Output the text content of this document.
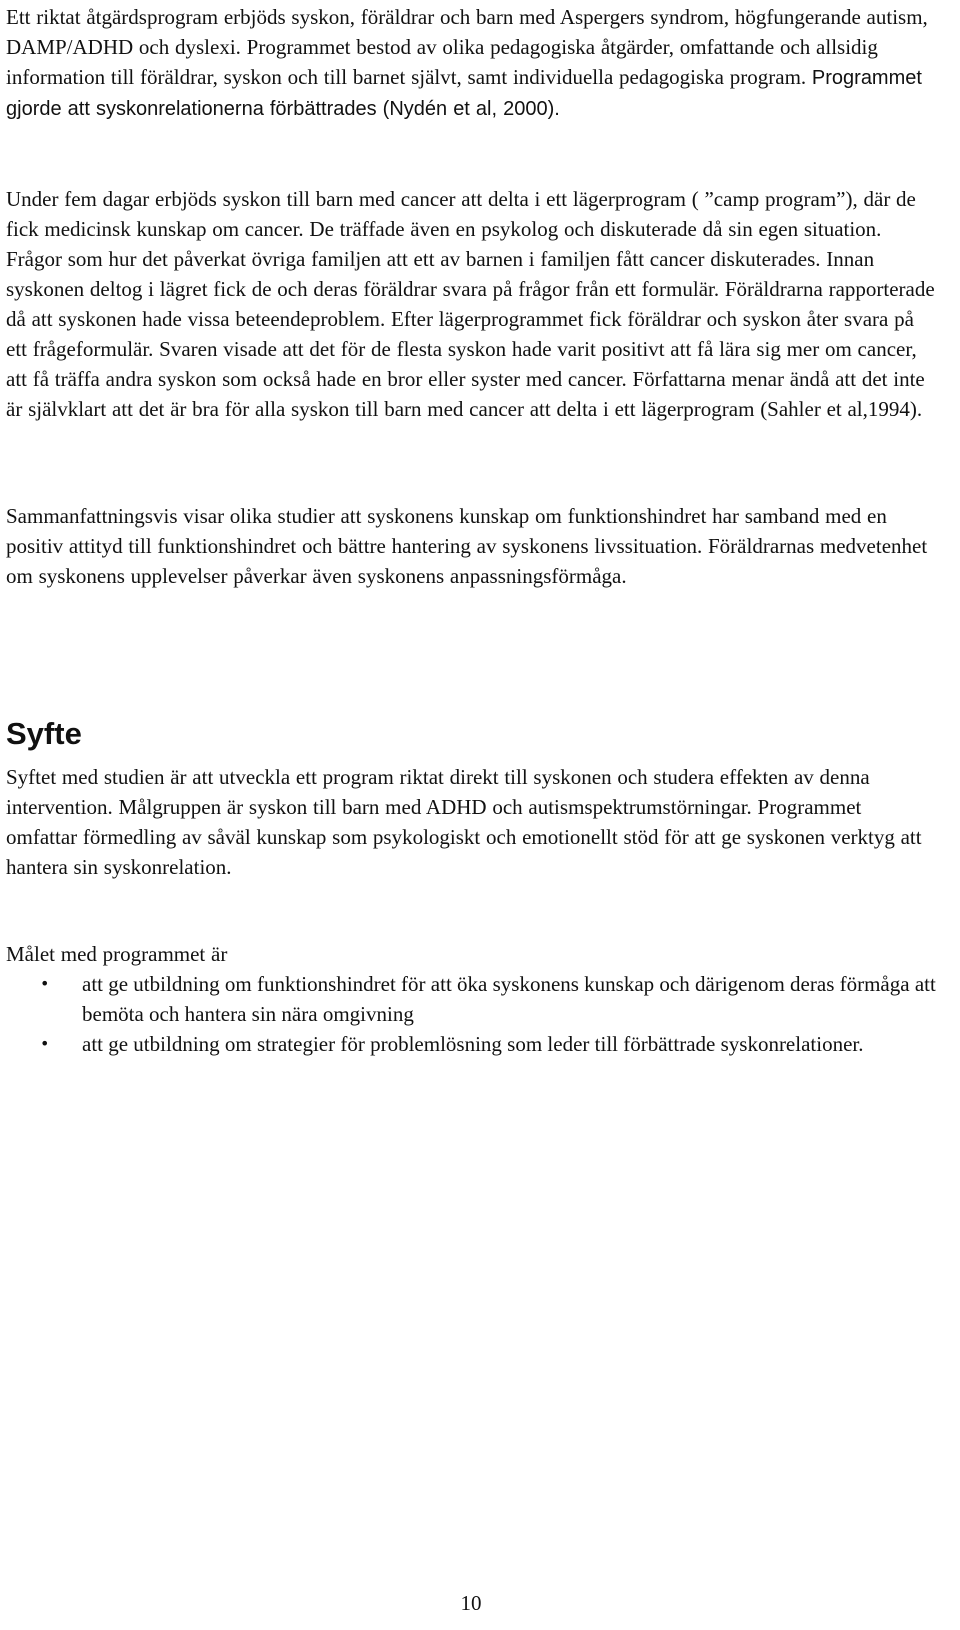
Ett riktat åtgärdsprogram erbjöds syskon, föräldrar och barn med Aspergers syndrom, högfungerande autism, DAMP/ADHD och dyslexi. Programmet bestod av olika pedagogiska åtgärder, omfattande och allsidig information till föräldrar, syskon och till barnet självt, samt individuella pedagogiska program. Programmet gjorde att syskonrelationerna förbättrades (Nydén et al, 2000).

Under fem dagar erbjöds syskon till barn med cancer att delta i ett lägerprogram ( ”camp program”), där de fick medicinsk kunskap om cancer. De träffade även en psykolog och diskuterade då sin egen situation. Frågor som hur det påverkat övriga familjen att ett av barnen i familjen fått cancer diskuterades. Innan syskonen deltog i lägret fick de och deras föräldrar svara på frågor från ett formulär. Föräldrarna rapporterade då att syskonen hade vissa beteendeproblem. Efter lägerprogrammet fick föräldrar och syskon åter svara på ett frågeformulär. Svaren visade att det för de flesta syskon hade varit positivt att få lära sig mer om cancer, att få träffa andra syskon som också hade en bror eller syster med cancer. Författarna menar ändå att det inte är självklart att det är bra för alla syskon till barn med cancer att delta i ett lägerprogram (Sahler et al,1994).

Sammanfattningsvis visar olika studier att syskonens kunskap om funktionshindret har samband med en positiv attityd till funktionshindret och bättre hantering av syskonens livssituation. Föräldrarnas medvetenhet om syskonens upplevelser påverkar även syskonens anpassningsförmåga.

Syfte

Syftet med studien är att utveckla ett program riktat direkt till syskonen och studera effekten av denna intervention. Målgruppen är syskon till barn med ADHD och autismspektrumstörningar. Programmet omfattar förmedling av såväl kunskap som psykologiskt och emotionellt stöd för att ge syskonen verktyg att hantera sin syskonrelation.

Målet med programmet är

• att ge utbildning om funktionshindret för att öka syskonens kunskap och därigenom deras förmåga att bemöta och hantera sin nära omgivning
• att ge utbildning om strategier för problemlösning som leder till förbättrade syskonrelationer.

10
